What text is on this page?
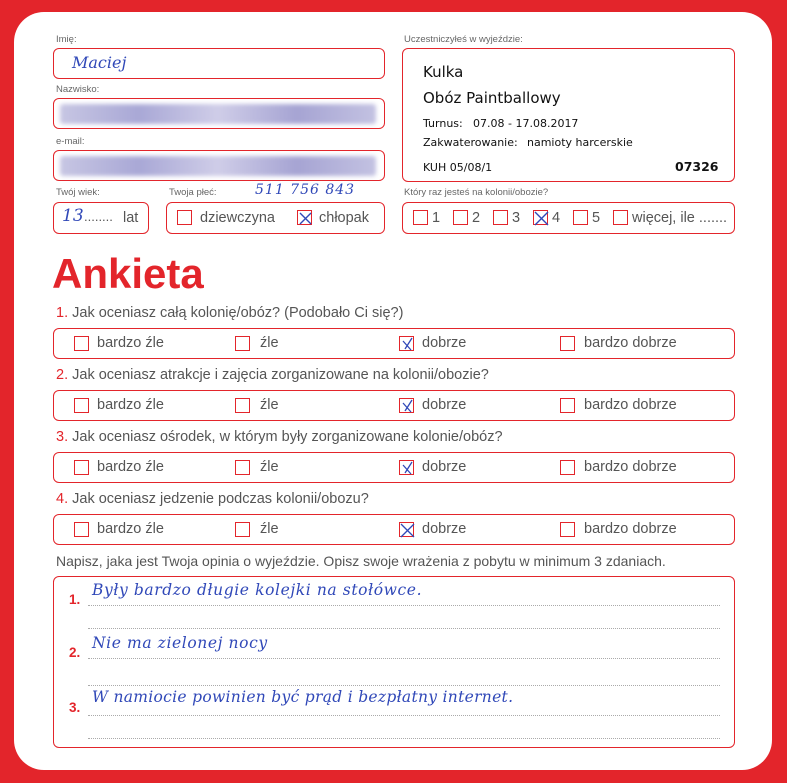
Imię:
Maciej
Nazwisko:
e-mail:
511 756 843
Twój wiek:
13 ........ lat
Twoja płeć:
dziewczyna	chłopak
Uczestniczyłeś w wyjeździe:
Kulka
Obóz Paintballowy
Turnus: 07.08 - 17.08.2017
Zakwaterowanie: namioty harcerskie
KUH 05/08/1	07326
Który raz jesteś na kolonii/obozie?
1 2 3 4 5 więcej, ile .......
Ankieta
1. Jak oceniasz całą kolonię/obóz? (Podobało Ci się?)
bardzo źle	źle	dobrze	bardzo dobrze
2. Jak oceniasz atrakcje i zajęcia zorganizowane na kolonii/obozie?
bardzo źle	źle	dobrze	bardzo dobrze
3. Jak oceniasz ośrodek, w którym były zorganizowane kolonie/obóz?
bardzo źle	źle	dobrze	bardzo dobrze
4. Jak oceniasz jedzenie podczas kolonii/obozu?
bardzo źle	źle	dobrze	bardzo dobrze
Napisz, jaka jest Twoja opinia o wyjeździe. Opisz swoje wrażenia z pobytu w minimum 3 zdaniach.
1.
Były bardzo długie kolejki na stołówce.
2.
Nie ma zielonej nocy
3.
W namiocie powinien być prąd i bezpłatny internet.
